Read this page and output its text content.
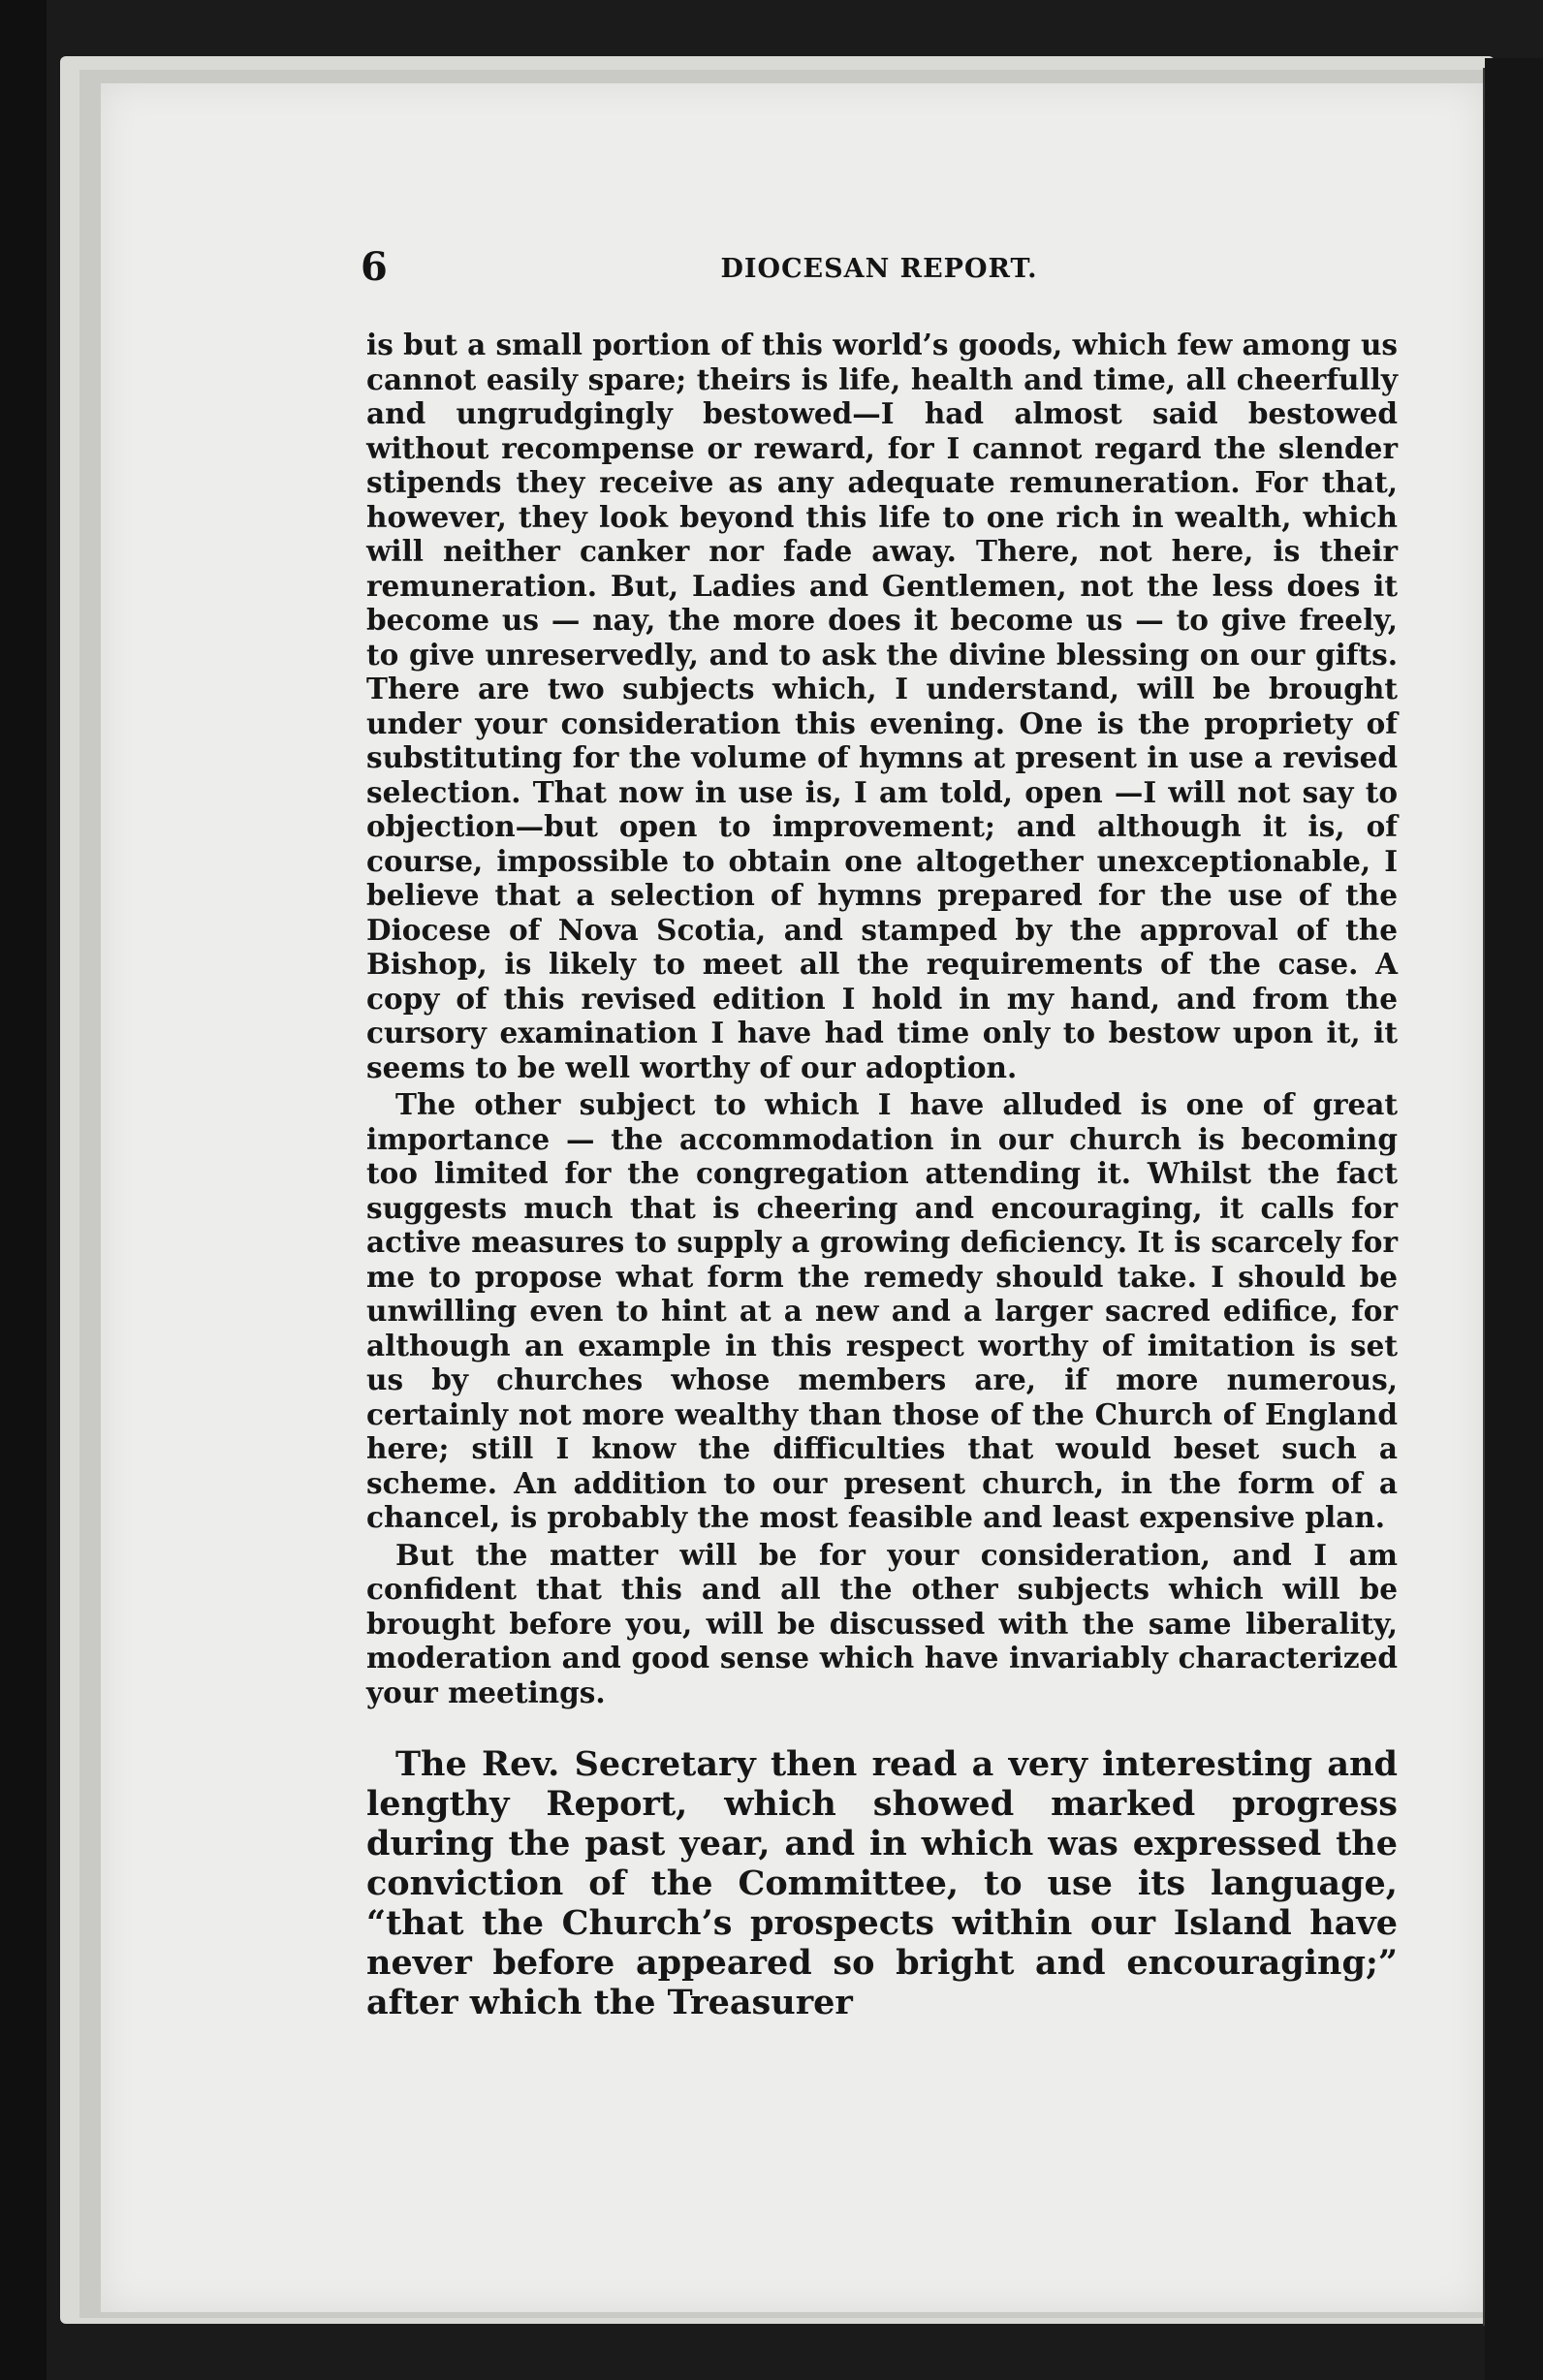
6	DIOCESAN REPORT.

is but a small portion of this world’s goods, which few among us cannot easily spare; theirs is life, health and time, all cheerfully and ungrudgingly bestowed—I had almost said bestowed without recompense or reward, for I cannot regard the slender stipends they receive as any adequate remuneration. For that, however, they look beyond this life to one rich in wealth, which will neither canker nor fade away. There, not here, is their remuneration. But, Ladies and Gentlemen, not the less does it become us — nay, the more does it become us — to give freely, to give unreservedly, and to ask the divine blessing on our gifts. There are two subjects which, I understand, will be brought under your consideration this evening. One is the propriety of substituting for the volume of hymns at present in use a revised selection. That now in use is, I am told, open —I will not say to objection—but open to improvement; and although it is, of course, impossible to obtain one altogether unexceptionable, I believe that a selection of hymns prepared for the use of the Diocese of Nova Scotia, and stamped by the approval of the Bishop, is likely to meet all the requirements of the case. A copy of this revised edition I hold in my hand, and from the cursory examination I have had time only to bestow upon it, it seems to be well worthy of our adoption.

The other subject to which I have alluded is one of great importance — the accommodation in our church is becoming too limited for the congregation attending it. Whilst the fact suggests much that is cheering and encouraging, it calls for active measures to supply a growing deficiency. It is scarcely for me to propose what form the remedy should take. I should be unwilling even to hint at a new and a larger sacred edifice, for although an example in this respect worthy of imitation is set us by churches whose members are, if more numerous, certainly not more wealthy than those of the Church of England here; still I know the difficulties that would beset such a scheme. An addition to our present church, in the form of a chancel, is probably the most feasible and least expensive plan.

But the matter will be for your consideration, and I am confident that this and all the other subjects which will be brought before you, will be discussed with the same liberality, moderation and good sense which have invariably characterized your meetings.

The Rev. Secretary then read a very interesting and lengthy Report, which showed marked progress during the past year, and in which was expressed the conviction of the Committee, to use its language, “that the Church’s prospects within our Island have never before appeared so bright and encouraging;” after which the Treasurer
